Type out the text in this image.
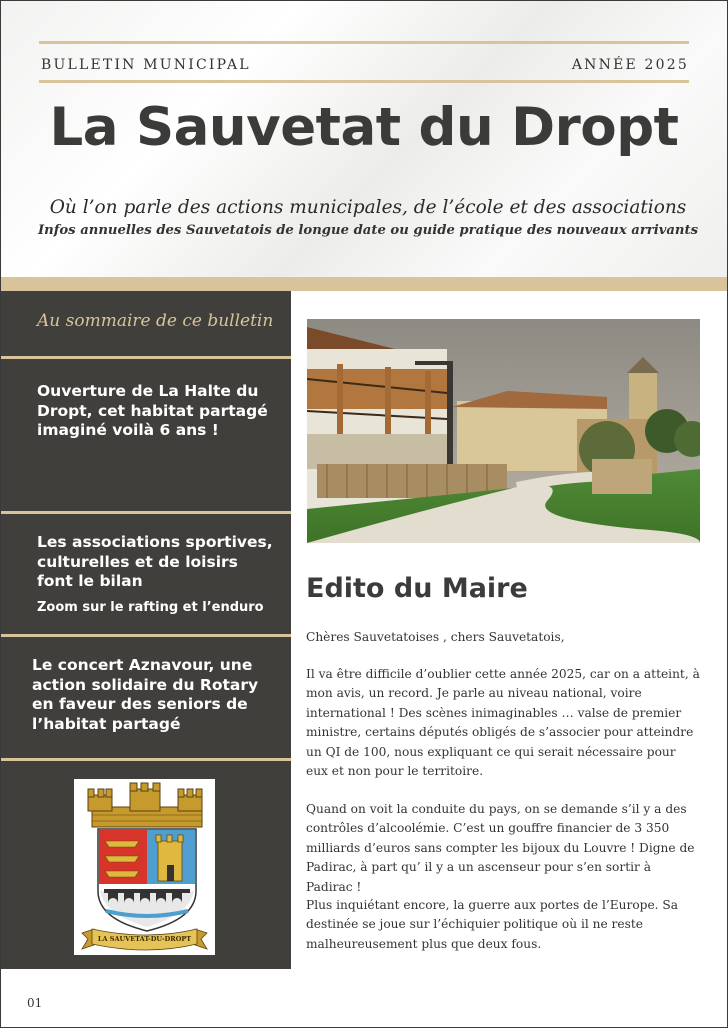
BULLETIN MUNICIPAL	ANNÉE 2025
La Sauvetat du Dropt
Où l’on parle des actions municipales, de l’école et des associations
Infos annuelles des Sauvetatois de longue date ou guide pratique des nouveaux arrivants
Au sommaire de ce bulletin
Ouverture de La Halte du Dropt, cet habitat partagé imaginé voilà 6 ans !
Les associations sportives, culturelles et de loisirs font le bilan
Zoom sur le rafting et l’enduro
Le concert Aznavour, une action solidaire du Rotary en faveur des seniors de l’habitat partagé
LA SAUVETAT-DU-DROPT
Edito du Maire

Chères Sauvetatoises , chers Sauvetatois,

Il va être difficile d’oublier cette année 2025, car on a atteint, à mon avis, un record. Je parle au niveau national, voire international ! Des scènes inimaginables … valse de premier ministre, certains députés obligés de s’associer pour atteindre un QI de 100, nous expliquant ce qui serait nécessaire pour eux et non pour le territoire.

Quand on voit la conduite du pays, on se demande s’il y a des contrôles d’alcoolémie. C’est un gouffre financier de 3 350 milliards d’euros sans compter les bijoux du Louvre ! Digne de Padirac, à part qu’ il y a un ascenseur pour s’en sortir à Padirac !

Plus inquiétant encore, la guerre aux portes de l’Europe. Sa destinée se joue sur l’échiquier politique où il ne reste malheureusement plus que deux fous.

01
